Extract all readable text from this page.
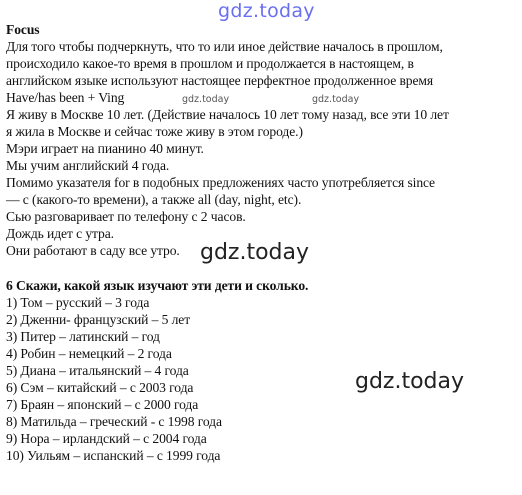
gdz.today
Focus
Для того чтобы подчеркнуть, что то или иное действие началось в прошлом,
происходило какое-то время в прошлом и продолжается в настоящем, в
английском языке используют настоящее перфектное продолженное время
Have/has been + Ving	gdz.today	gdz.today
Я живу в Москве 10 лет. (Действие началось 10 лет тому назад, все эти 10 лет
я жила в Москве и сейчас тоже живу в этом городе.)
Мэри играет на пианино 40 минут.
Мы учим английский 4 года.
Помимо указателя for в подобных предложениях часто употребляется since
— с (какого-то времени), а также all (day, night, etc).
Сью разговаривает по телефону с 2 часов.
Дождь идет с утра.
Они работают в саду все утро. gdz.today
6 Скажи, какой язык изучают эти дети и сколько.
1) Том – русский – 3 года
2) Дженни- французский – 5 лет
3) Питер – латинский – год
4) Робин – немецкий – 2 года
5) Диана – итальянский – 4 года
6) Сэм – китайский – с 2003 года
7) Браян – японский – с 2000 года
8) Матильда – греческий - с 1998 года
9) Нора – ирландский – с 2004 года
10) Уильям – испанский – с 1999 года
gdz.today
